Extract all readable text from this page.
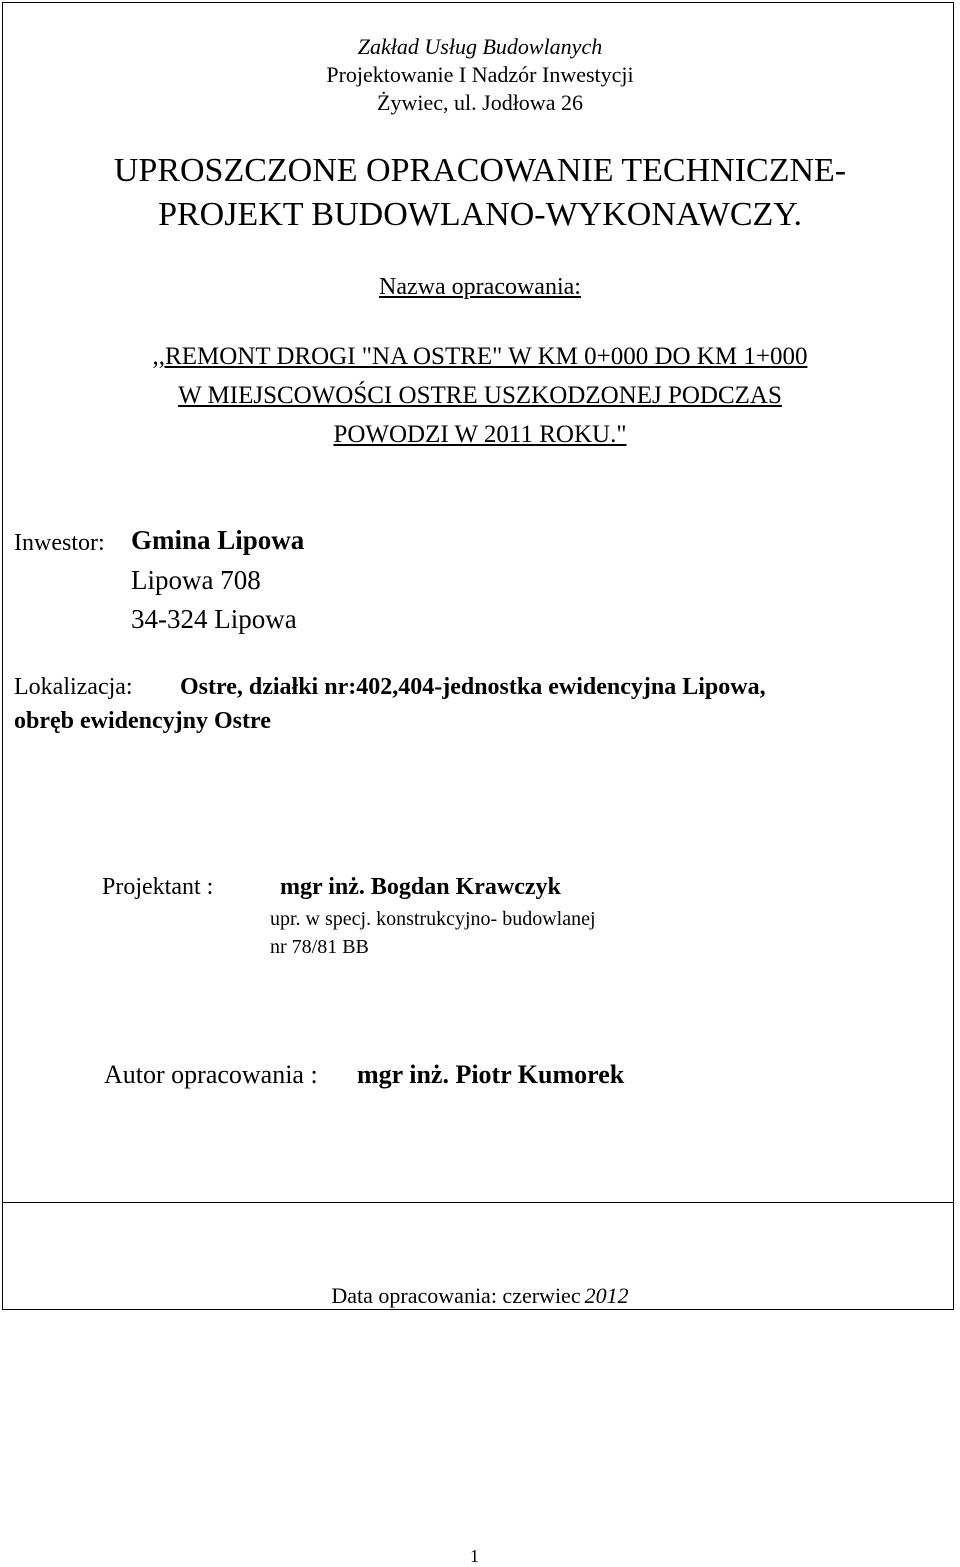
Zakład Usług Budowlanych
Projektowanie I Nadzór Inwestycji
Żywiec, ul. Jodłowa 26
UPROSZCZONE OPRACOWANIE TECHNICZNE-
PROJEKT BUDOWLANO-WYKONAWCZY.
Nazwa opracowania:
,,REMONT DROGI "NA OSTRE" W KM 0+000 DO KM 1+000
W MIEJSCOWOŚCI OSTRE USZKODZONEJ PODCZAS
POWODZI W 2011 ROKU."
Inwestor: Gmina Lipowa
Lipowa 708
34-324 Lipowa
Lokalizacja: Ostre, działki nr:402,404-jednostka ewidencyjna Lipowa,
obręb ewidencyjny Ostre
Projektant :	mgr inż. Bogdan Krawczyk
upr. w specj. konstrukcyjno- budowlanej
nr 78/81 BB
Autor opracowania : mgr inż. Piotr Kumorek
Data opracowania: czerwiec 2012
1
